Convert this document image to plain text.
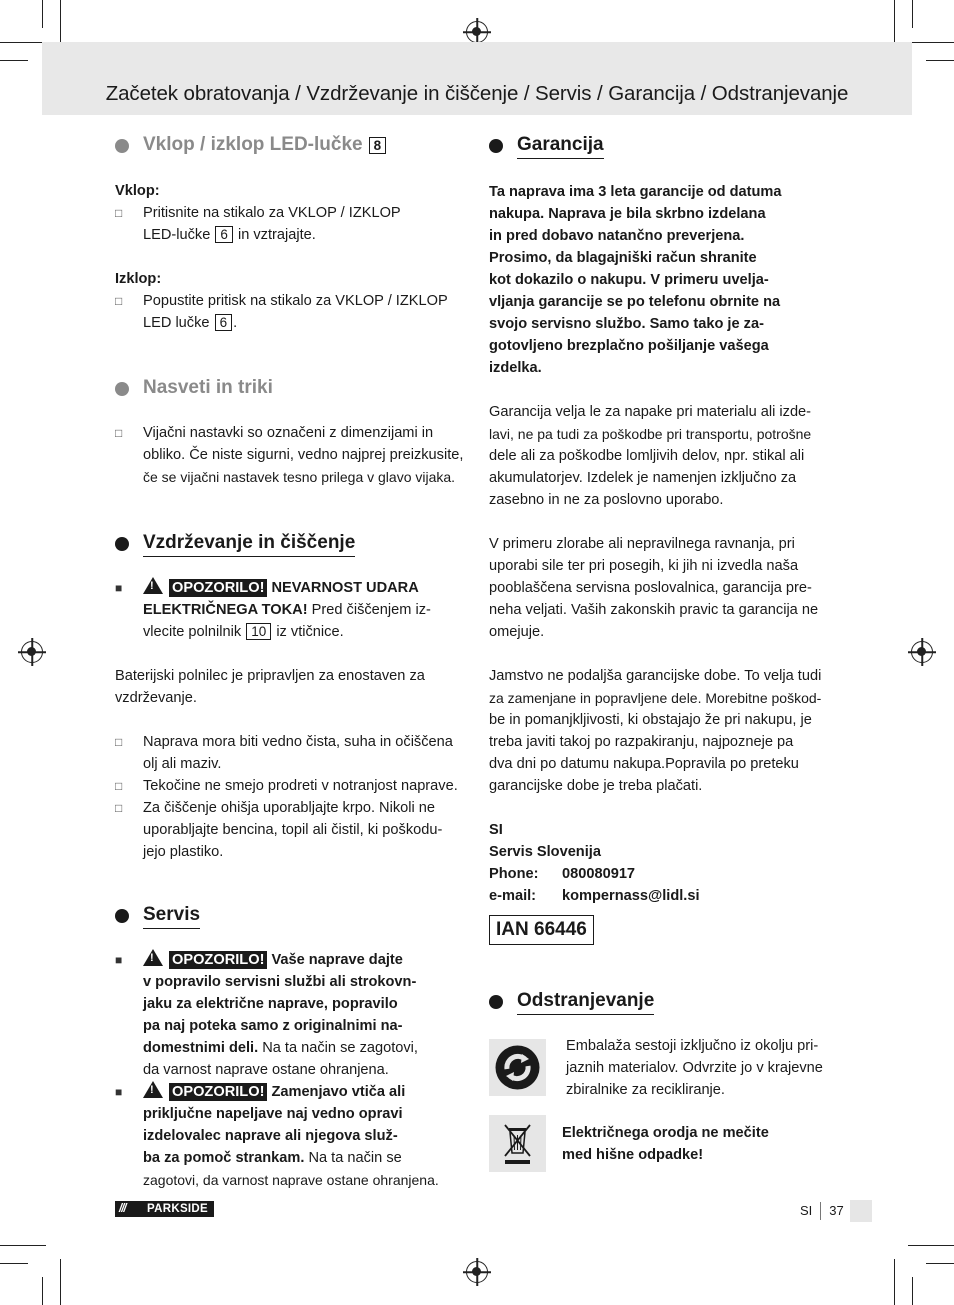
Začetek obratovanja / Vzdrževanje in čiščenje / Servis / Garancija / Odstranjevanje
Vklop / izklop LED-lučke 8
Vklop:
□ Pritisnite na stikalo za VKLOP / IZKLOP
LED-lučke 6 in vztrajajte.
Izklop:
□ Popustite pritisk na stikalo za VKLOP / IZKLOP
LED lučke 6 .
Nasveti in triki
□ Vijačni nastavki so označeni z dimenzijami in
obliko. Če niste sigurni, vedno najprej preizkusite,
če se vijačni nastavek tesno prilega v glavo vijaka.
Vzdrževanje in čiščenje
■ !	OPOZORILO! NEVARNOST UDARA
ELEKTRIČNEGA TOKA! Pred čiščenjem iz-
vlecite polnilnik 10 iz vtičnice.
Baterijski polnilec je pripravljen za enostaven za
vzdrževanje.
□ Naprava mora biti vedno čista, suha in očiščena
olj ali maziv.
□ Tekočine ne smejo prodreti v notranjost naprave.
□ Za čiščenje ohišja uporabljajte krpo. Nikoli ne
uporabljajte bencina, topil ali čistil, ki poškodu-
jejo plastiko.
Servis
■ !	OPOZORILO! Vaše naprave dajte
v popravilo servisni službi ali strokovn-
jaku za električne naprave, popravilo
pa naj poteka samo z originalnimi na-
domestnimi deli. Na ta način se zagotovi,
da varnost naprave ostane ohranjena.
■ !	OPOZORILO! Zamenjavo vtiča ali
priključne napeljave naj vedno opravi
izdelovalec naprave ali njegova služ-
ba za pomoč strankam. Na ta način se
zagotovi, da varnost naprave ostane ohranjena.
Garancija
Ta naprava ima 3 leta garancije od datuma
nakupa. Naprava je bila skrbno izdelana
in pred dobavo natančno preverjena.
Prosimo, da blagajniški račun shranite
kot dokazilo o nakupu. V primeru uvelja-
vljanja garancije se po telefonu obrnite na
svojo servisno službo. Samo tako je za-
gotovljeno brezplačno pošiljanje vašega
izdelka.
Garancija velja le za napake pri materialu ali izde-
lavi, ne pa tudi za poškodbe pri transportu, potrošne
dele ali za poškodbe lomljivih delov, npr. stikal ali
akumulatorjev. Izdelek je namenjen izključno za
zasebno in ne za poslovno uporabo.
V primeru zlorabe ali nepravilnega ravnanja, pri
uporabi sile ter pri posegih, ki jih ni izvedla naša
pooblaščena servisna poslovalnica, garancija pre-
neha veljati. Vaših zakonskih pravic ta garancija ne
omejuje.
Jamstvo ne podaljša garancijske dobe. To velja tudi
za zamenjane in popravljene dele. Morebitne poškod-
be in pomanjkljivosti, ki obstajajo že pri nakupu, je
treba javiti takoj po razpakiranju, najpozneje pa
dva dni po datumu nakupa.Popravila po preteku
garancijske dobe je treba plačati.
SI
Servis Slovenija
Phone: 080080917
e-mail: kompernass@lidl.si
IAN 66446
Odstranjevanje
Embalaža sestoji izključno iz okolju pri-
jaznih materialov. Odvrzite jo v krajevne
zbiralnike za recikliranje.
Električnega orodja ne mečite
med hišne odpadke!
/// PARKSIDE	SI 37
